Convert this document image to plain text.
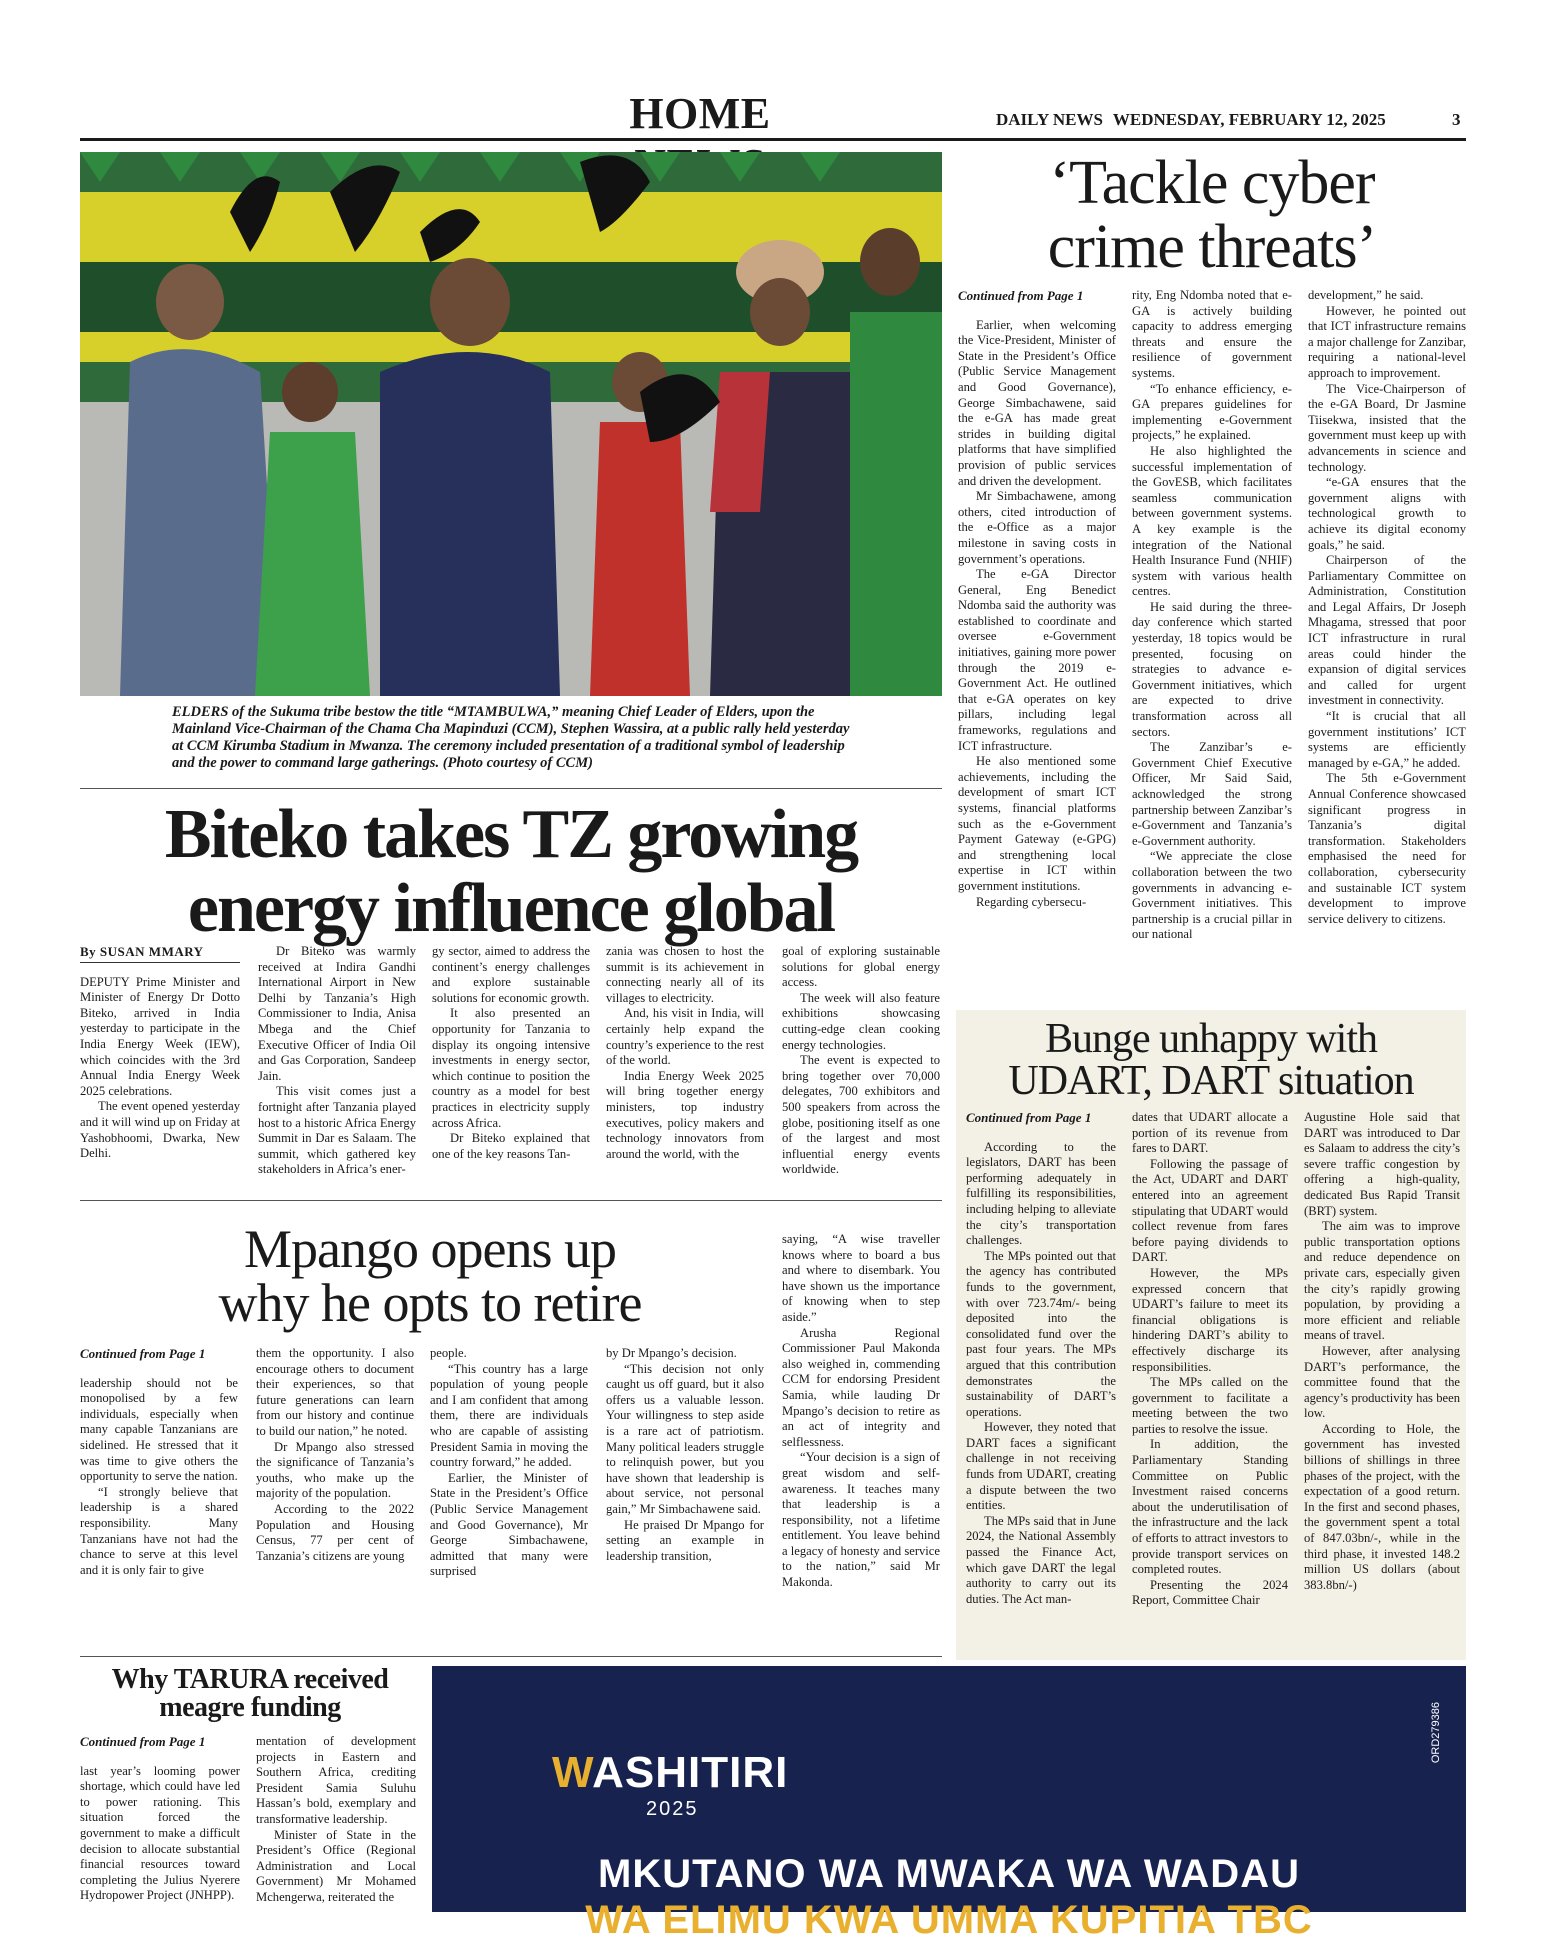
HOME	DAILY NEWS WEDNESDAY, FEBRUARY 12, 2025	3
ELDERS of the Sukuma tribe bestow the title “MTAMBULWA,” meaning Chief Leader of Elders, upon the Mainland Vice-Chairman of the Chama Cha Mapinduzi (CCM), Stephen Wassira, at a public rally held yesterday at CCM Kirumba Stadium in Mwanza. The ceremony included presentation of a traditional symbol of leadership and the power to command large gatherings. (Photo courtesy of CCM)
‘Tackle cyber
crime threats’
Continued from Page 1

Earlier, when welcoming the Vice-President, Minister of State in the President’s Office (Public Service Management and Good Governance), George Simbachawene, said the e-GA has made great strides in building digital platforms that have simplified provision of public services and driven the development.

Mr Simbachawene, among others, cited introduction of the e-Office as a major milestone in saving costs in government’s operations.

The e-GA Director General, Eng Benedict Ndomba said the authority was established to coordinate and oversee e-Government initiatives, gaining more power through the 2019 e-Government Act. He outlined that e-GA operates on key pillars, including legal frameworks, regulations and ICT infrastructure.

He also mentioned some achievements, including the development of smart ICT systems, financial platforms such as the e-Government Payment Gateway (e-GPG) and strengthening local expertise in ICT within government institutions.

Regarding cybersecu-

rity, Eng Ndomba noted that e-GA is actively building capacity to address emerging threats and ensure the resilience of government systems.

“To enhance efficiency, e-GA prepares guidelines for implementing e-Government projects,” he explained.

He also highlighted the successful implementation of the GovESB, which facilitates seamless communication between government systems. A key example is the integration of the National Health Insurance Fund (NHIF) system with various health centres.

He said during the three-day conference which started yesterday, 18 topics would be presented, focusing on strategies to advance e-Government initiatives, which are expected to drive transformation across all sectors.

The Zanzibar’s e-Government Chief Executive Officer, Mr Said Said, acknowledged the strong partnership between Zanzibar’s e-Government and Tanzania’s e-Government authority.

“We appreciate the close collaboration between the two governments in advancing e-Government initiatives. This partnership is a crucial pillar in our national

development,” he said.

However, he pointed out that ICT infrastructure remains a major challenge for Zanzibar, requiring a national-level approach to improvement.

The Vice-Chairperson of the e-GA Board, Dr Jasmine Tiisekwa, insisted that the government must keep up with advancements in science and technology.

“e-GA ensures that the government aligns with technological growth to achieve its digital economy goals,” he said.

Chairperson of the Parliamentary Committee on Administration, Constitution and Legal Affairs, Dr Joseph Mhagama, stressed that poor ICT infrastructure in rural areas could hinder the expansion of digital services and called for urgent investment in connectivity.

“It is crucial that all government institutions’ ICT systems are efficiently managed by e-GA,” he added.

The 5th e-Government Annual Conference showcased significant progress in Tanzania’s digital transformation. Stakeholders emphasised the need for collaboration, cybersecurity and sustainable ICT system development to improve service delivery to citizens.

Biteko takes TZ growing
energy influence global
By SUSAN MMARY

DEPUTY Prime Minister and Minister of Energy Dr Dotto Biteko, arrived in India yesterday to participate in the India Energy Week (IEW), which coincides with the 3rd Annual India Energy Week 2025 celebrations.

The event opened yesterday and it will wind up on Friday at Yashobhoomi, Dwarka, New Delhi.

Dr Biteko was warmly received at Indira Gandhi International Airport in New Delhi by Tanzania’s High Commissioner to India, Anisa Mbega and the Chief Executive Officer of India Oil and Gas Corporation, Sandeep Jain.

This visit comes just a fortnight after Tanzania played host to a historic Africa Energy Summit in Dar es Salaam. The summit, which gathered key stakeholders in Africa’s ener-

gy sector, aimed to address the continent’s energy challenges and explore sustainable solutions for economic growth.

It also presented an opportunity for Tanzania to display its ongoing intensive investments in energy sector, which continue to position the country as a model for best practices in electricity supply across Africa.

Dr Biteko explained that one of the key reasons Tan-

zania was chosen to host the summit is its achievement in connecting nearly all of its villages to electricity.

And, his visit in India, will certainly help expand the country’s experience to the rest of the world.

India Energy Week 2025 will bring together energy ministers, top industry executives, policy makers and technology innovators from around the world, with the

goal of exploring sustainable solutions for global energy access.

The week will also feature exhibitions showcasing cutting-edge clean cooking energy technologies.

The event is expected to bring together over 70,000 delegates, 700 exhibitors and 500 speakers from across the globe, positioning itself as one of the largest and most influential energy events worldwide.

Bunge unhappy with
UDART, DART situation
Continued from Page 1

According to the legislators, DART has been performing adequately in fulfilling its responsibilities, including helping to alleviate the city’s transportation challenges.

The MPs pointed out that the agency has contributed funds to the government, with over 723.74m/- being deposited into the consolidated fund over the past four years. The MPs argued that this contribution demonstrates the sustainability of DART’s operations.

However, they noted that DART faces a significant challenge in not receiving funds from UDART, creating a dispute between the two entities.

The MPs said that in June 2024, the National Assembly passed the Finance Act, which gave DART the legal authority to carry out its duties. The Act man-

dates that UDART allocate a portion of its revenue from fares to DART.

Following the passage of the Act, UDART and DART entered into an agreement stipulating that UDART would collect revenue from fares before paying dividends to DART.

However, the MPs expressed concern that UDART’s failure to meet its financial obligations is hindering DART’s ability to effectively discharge its responsibilities.

The MPs called on the government to facilitate a meeting between the two parties to resolve the issue.

In addition, the Parliamentary Standing Committee on Public Investment raised concerns about the underutilisation of the infrastructure and the lack of efforts to attract investors to provide transport services on completed routes.

Presenting the 2024 Report, Committee Chair

Augustine Hole said that DART was introduced to Dar es Salaam to address the city’s severe traffic congestion by offering a high-quality, dedicated Bus Rapid Transit (BRT) system.

The aim was to improve public transportation options and reduce dependence on private cars, especially given the city’s rapidly growing population, by providing a more efficient and reliable means of travel.

However, after analysing DART’s performance, the committee found that the agency’s productivity has been low.

According to Hole, the government has invested billions of shillings in three phases of the project, with the expectation of a good return. In the first and second phases, the government spent a total of 847.03bn/-, while in the third phase, it invested 148.2 million US dollars (about 383.8bn/-)

Mpango opens up
why he opts to retire
Continued from Page 1

leadership should not be monopolised by a few individuals, especially when many capable Tanzanians are sidelined. He stressed that it was time to give others the opportunity to serve the nation.

“I strongly believe that leadership is a shared responsibility. Many Tanzanians have not had the chance to serve at this level and it is only fair to give

them the opportunity. I also encourage others to document their experiences, so that future generations can learn from our history and continue to build our nation,” he noted.

Dr Mpango also stressed the significance of Tanzania’s youths, who make up the majority of the population.

According to the 2022 Population and Housing Census, 77 per cent of Tanzania’s citizens are young

people.

“This country has a large population of young people and I am confident that among them, there are individuals who are capable of assisting President Samia in moving the country forward,” he added.

Earlier, the Minister of State in the President’s Office (Public Service Management and Good Governance), Mr George Simbachawene, admitted that many were surprised

by Dr Mpango’s decision.

“This decision not only caught us off guard, but it also offers us a valuable lesson. Your willingness to step aside is a rare act of patriotism. Many political leaders struggle to relinquish power, but you have shown that leadership is about service, not personal gain,” Mr Simbachawene said.

He praised Dr Mpango for setting an example in leadership transition,

saying, “A wise traveller knows where to board a bus and where to disembark. You have shown us the importance of knowing when to step aside.”

Arusha Regional Commissioner Paul Makonda also weighed in, commending CCM for endorsing President Samia, while lauding Dr Mpango’s decision to retire as an act of integrity and selflessness.

“Your decision is a sign of great wisdom and self-awareness. It teaches many that leadership is a responsibility, not a lifetime entitlement. You leave behind a legacy of honesty and service to the nation,” said Mr Makonda.

Why TARURA received
meagre funding
Continued from Page 1

last year’s looming power shortage, which could have led to power rationing. This situation forced the government to make a difficult decision to allocate substantial financial resources toward completing the Julius Nyerere Hydropower Project (JNHPP).

mentation of development projects in Eastern and Southern Africa, crediting President Samia Suluhu Hassan’s bold, exemplary and transformative leadership.

Minister of State in the President’s Office (Regional Administration and Local Government) Mr Mohamed Mchengerwa, reiterated the

WASHITIRI
2025
MKUTANO WA MWAKA WA WADAU
WA ELIMU KWA UMMA KUPITIA TBC
ORD279386
